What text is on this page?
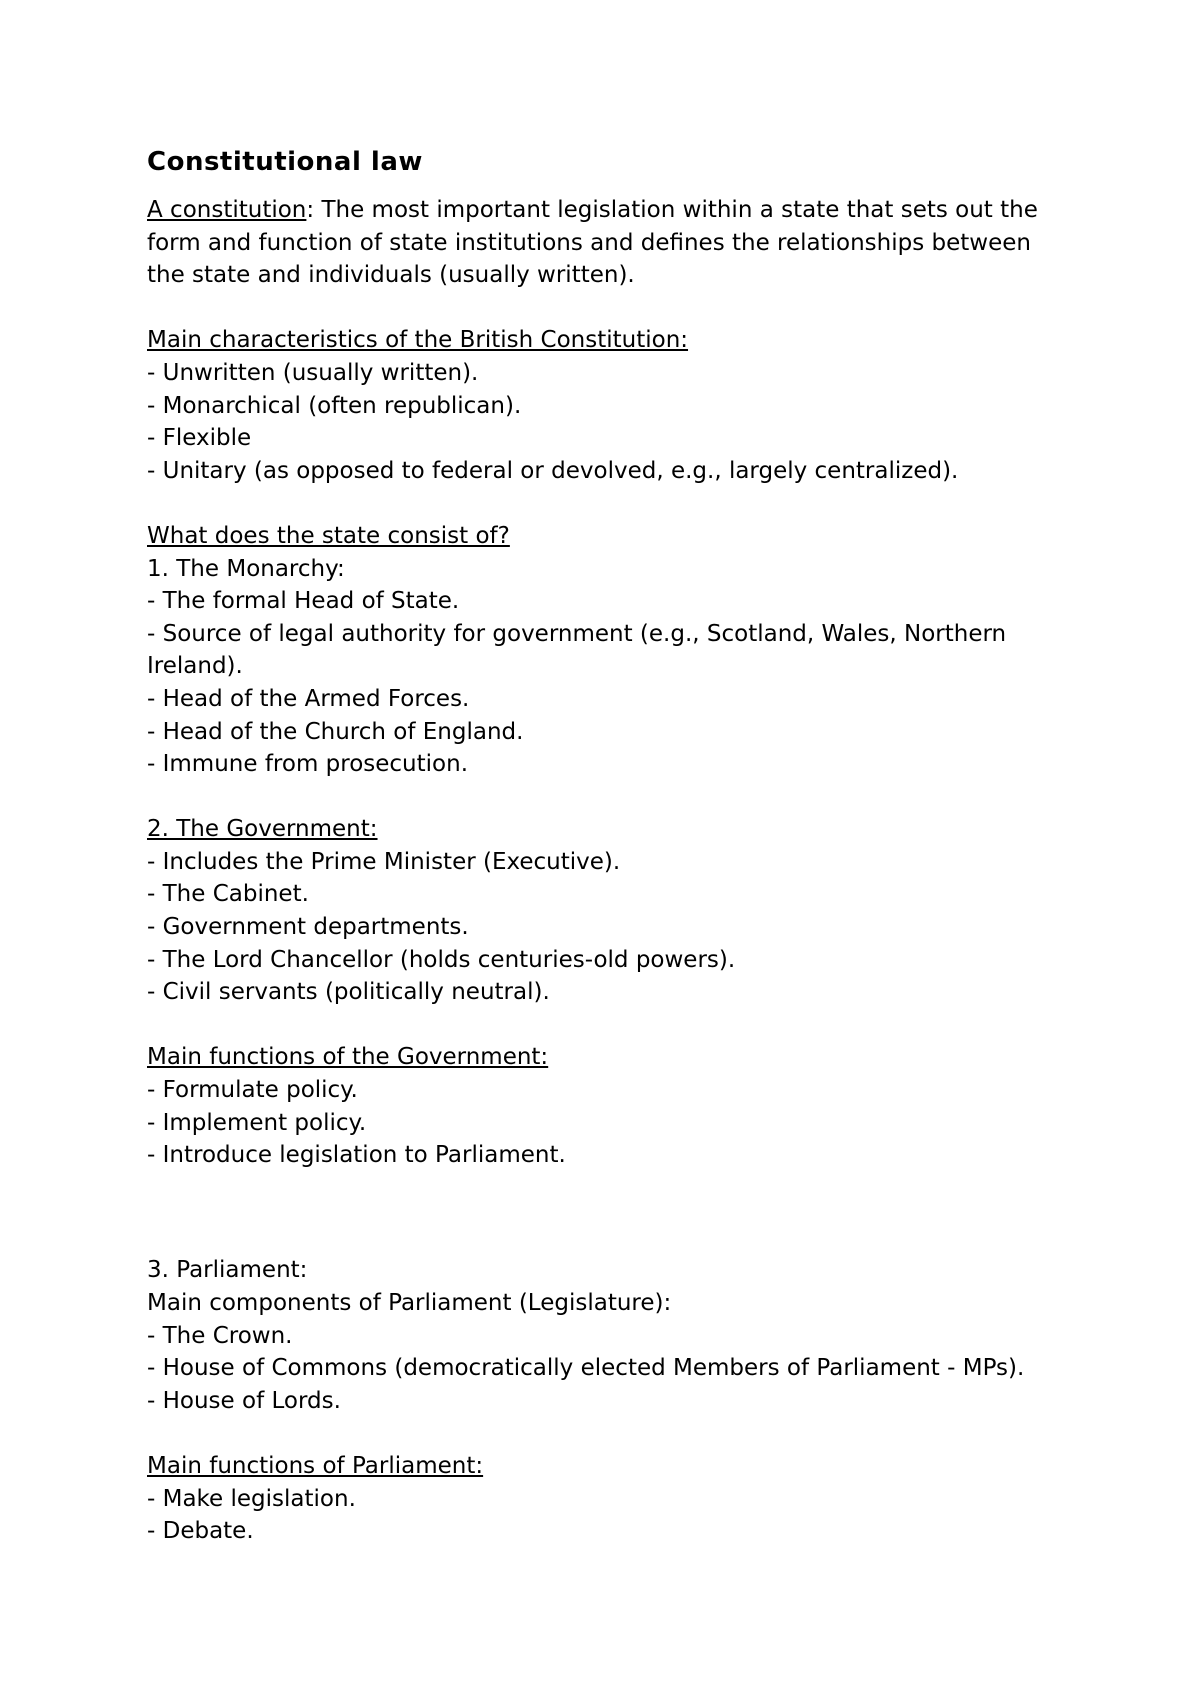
Constitutional law

A constitution: The most important legislation within a state that sets out the form and function of state institutions and defines the relationships between the state and individuals (usually written).

Main characteristics of the British Constitution:
- Unwritten (usually written).
- Monarchical (often republican).
- Flexible
- Unitary (as opposed to federal or devolved, e.g., largely centralized).
What does the state consist of?
1. The Monarchy:
- The formal Head of State.
- Source of legal authority for government (e.g., Scotland, Wales, Northern Ireland).
- Head of the Armed Forces.
- Head of the Church of England.
- Immune from prosecution.
2. The Government:
- Includes the Prime Minister (Executive).
- The Cabinet.
- Government departments.
- The Lord Chancellor (holds centuries-old powers).
- Civil servants (politically neutral).
Main functions of the Government:
- Formulate policy.
- Implement policy.
- Introduce legislation to Parliament.
3. Parliament:
Main components of Parliament (Legislature):
- The Crown.
- House of Commons (democratically elected Members of Parliament - MPs).
- House of Lords.
Main functions of Parliament:
- Make legislation.
- Debate.
